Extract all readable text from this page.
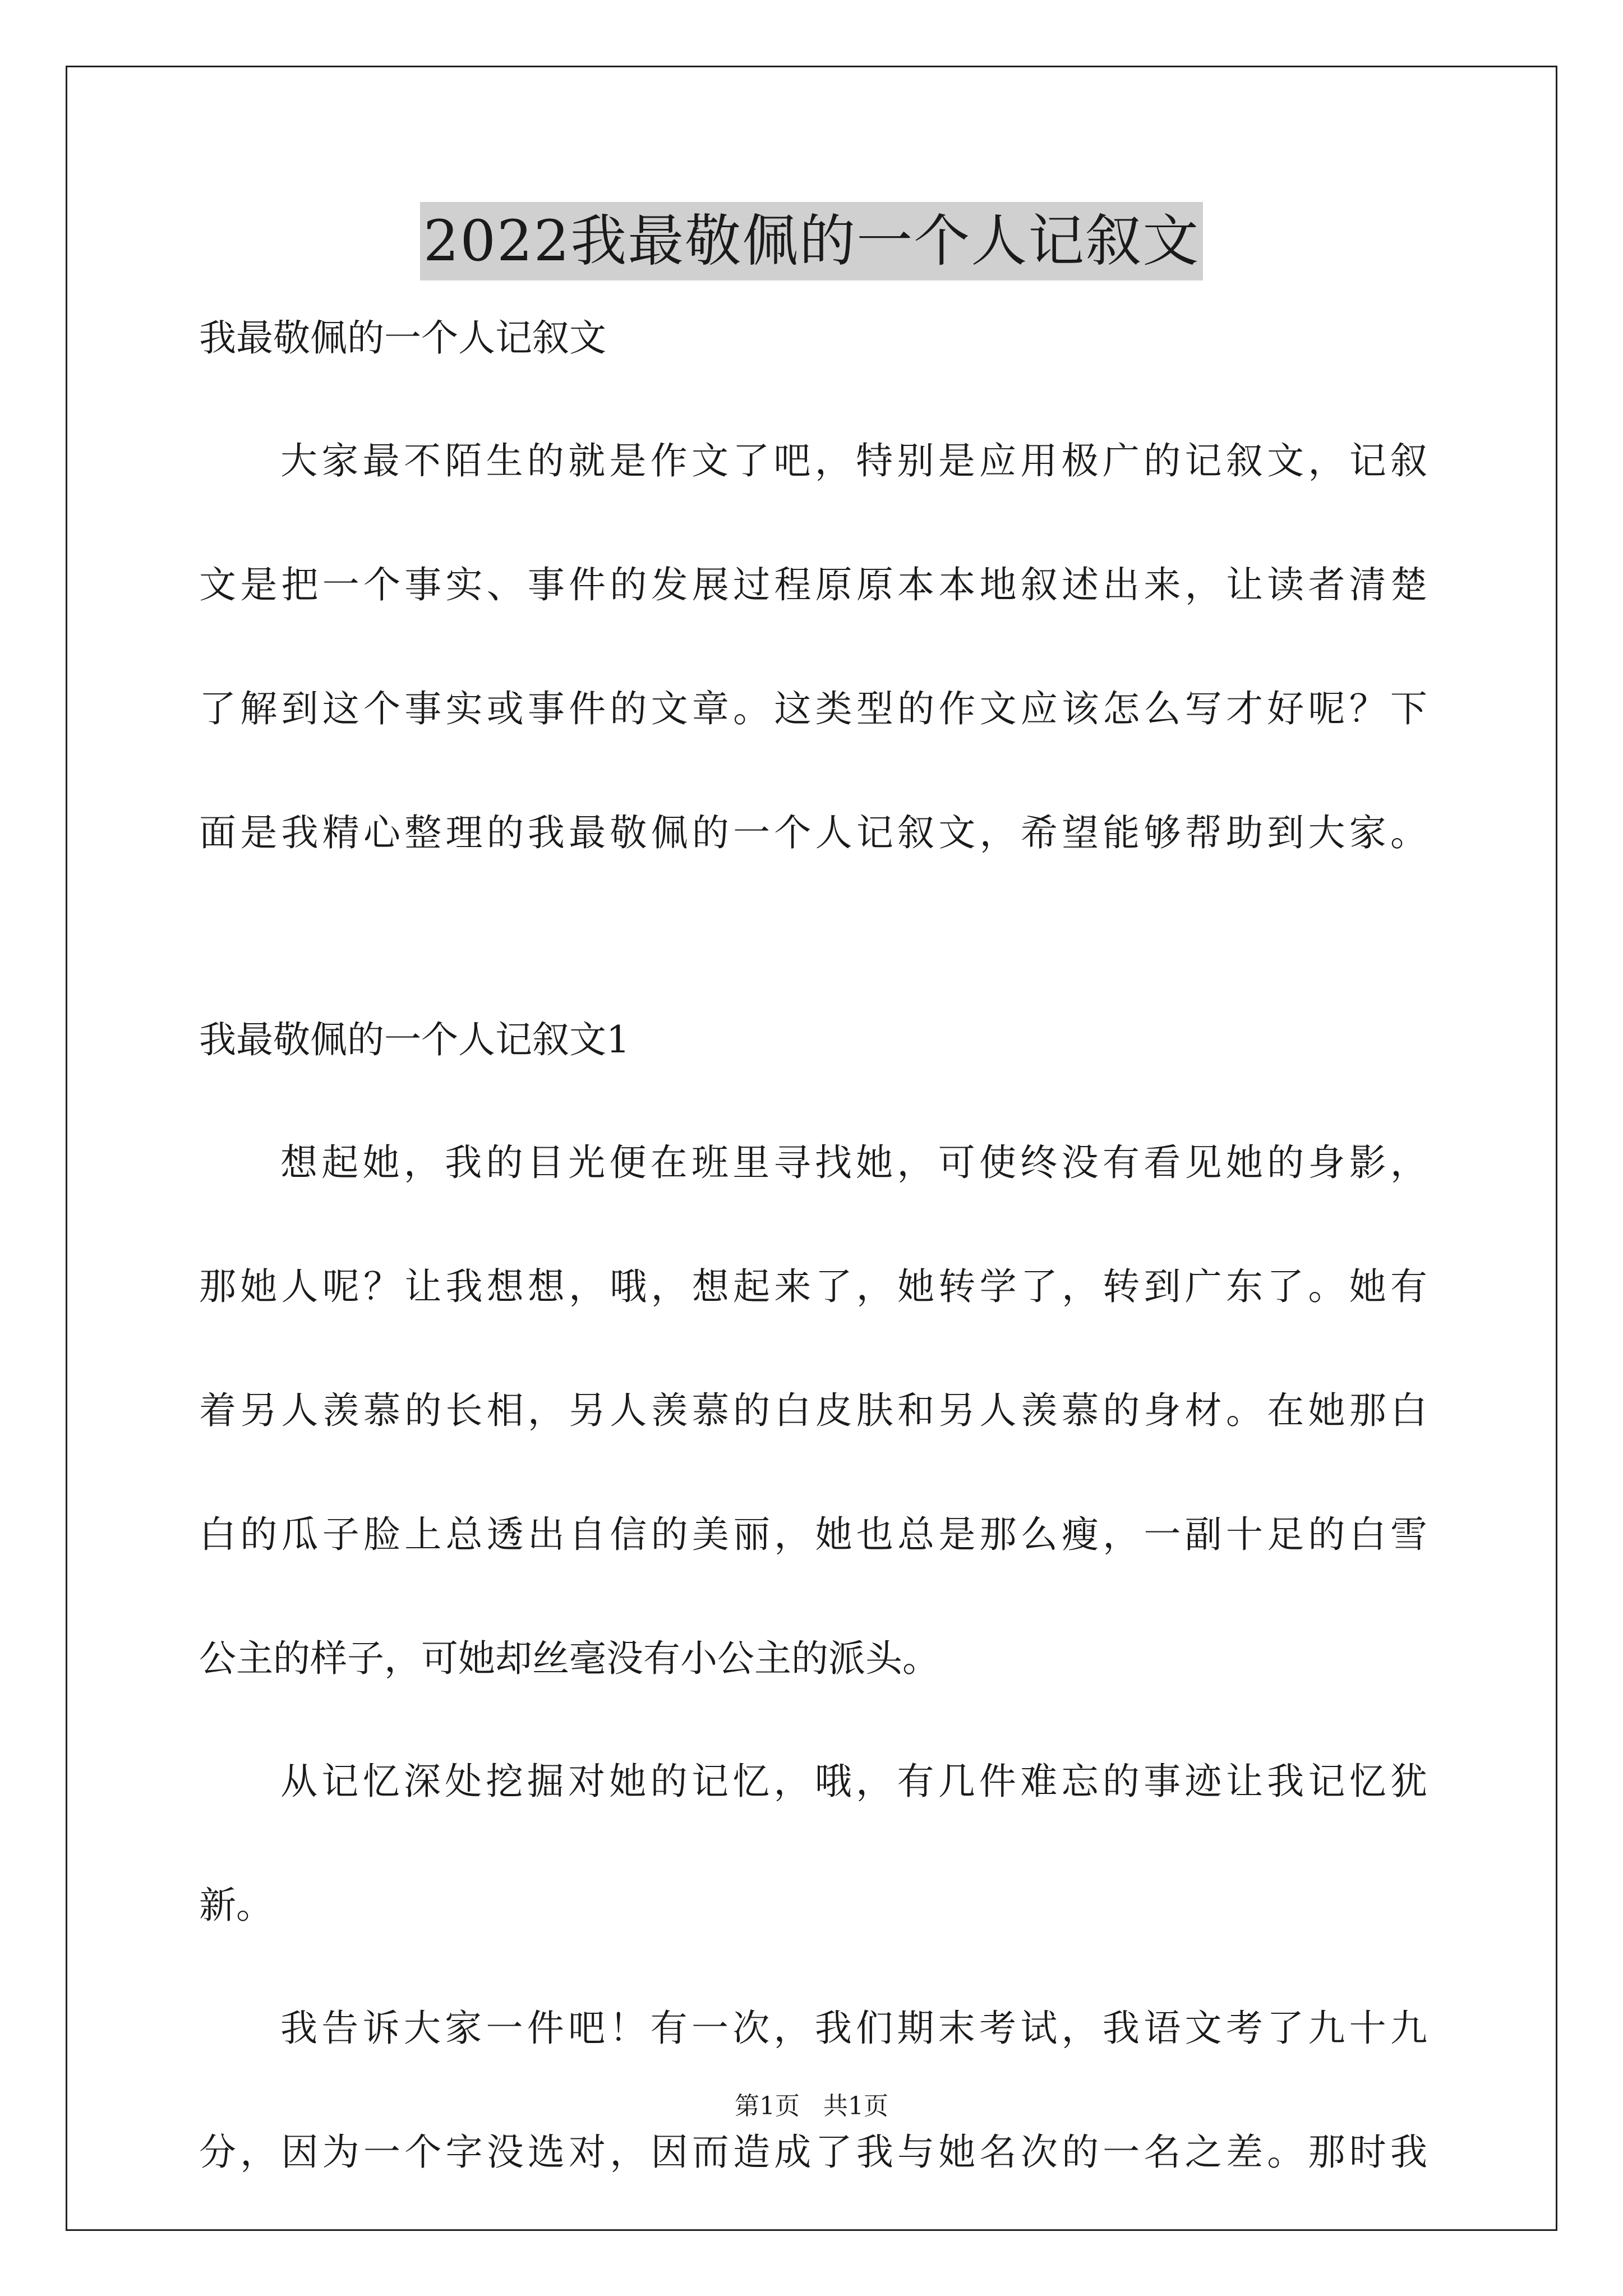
2022我最敬佩的一个人记叙文
我最敬佩的一个人记叙文
大家最不陌生的就是作文了吧，特别是应用极广的记叙文，记叙
文是把一个事实、事件的发展过程原原本本地叙述出来，让读者清楚
了解到这个事实或事件的文章。这类型的作文应该怎么写才好呢？下
面是我精心整理的我最敬佩的一个人记叙文，希望能够帮助到大家。
我最敬佩的一个人记叙文1
想起她，我的目光便在班里寻找她，可使终没有看见她的身影，
那她人呢？让我想想，哦，想起来了，她转学了，转到广东了。她有
着另人羡慕的长相，另人羡慕的白皮肤和另人羡慕的身材。在她那白
白的瓜子脸上总透出自信的美丽，她也总是那么瘦，一副十足的白雪
公主的样子，可她却丝毫没有小公主的派头。
从记忆深处挖掘对她的记忆，哦，有几件难忘的事迹让我记忆犹
新。
我告诉大家一件吧！有一次，我们期末考试，我语文考了九十九
分，因为一个字没选对，因而造成了我与她名次的一名之差。那时我
第1页   共1页
